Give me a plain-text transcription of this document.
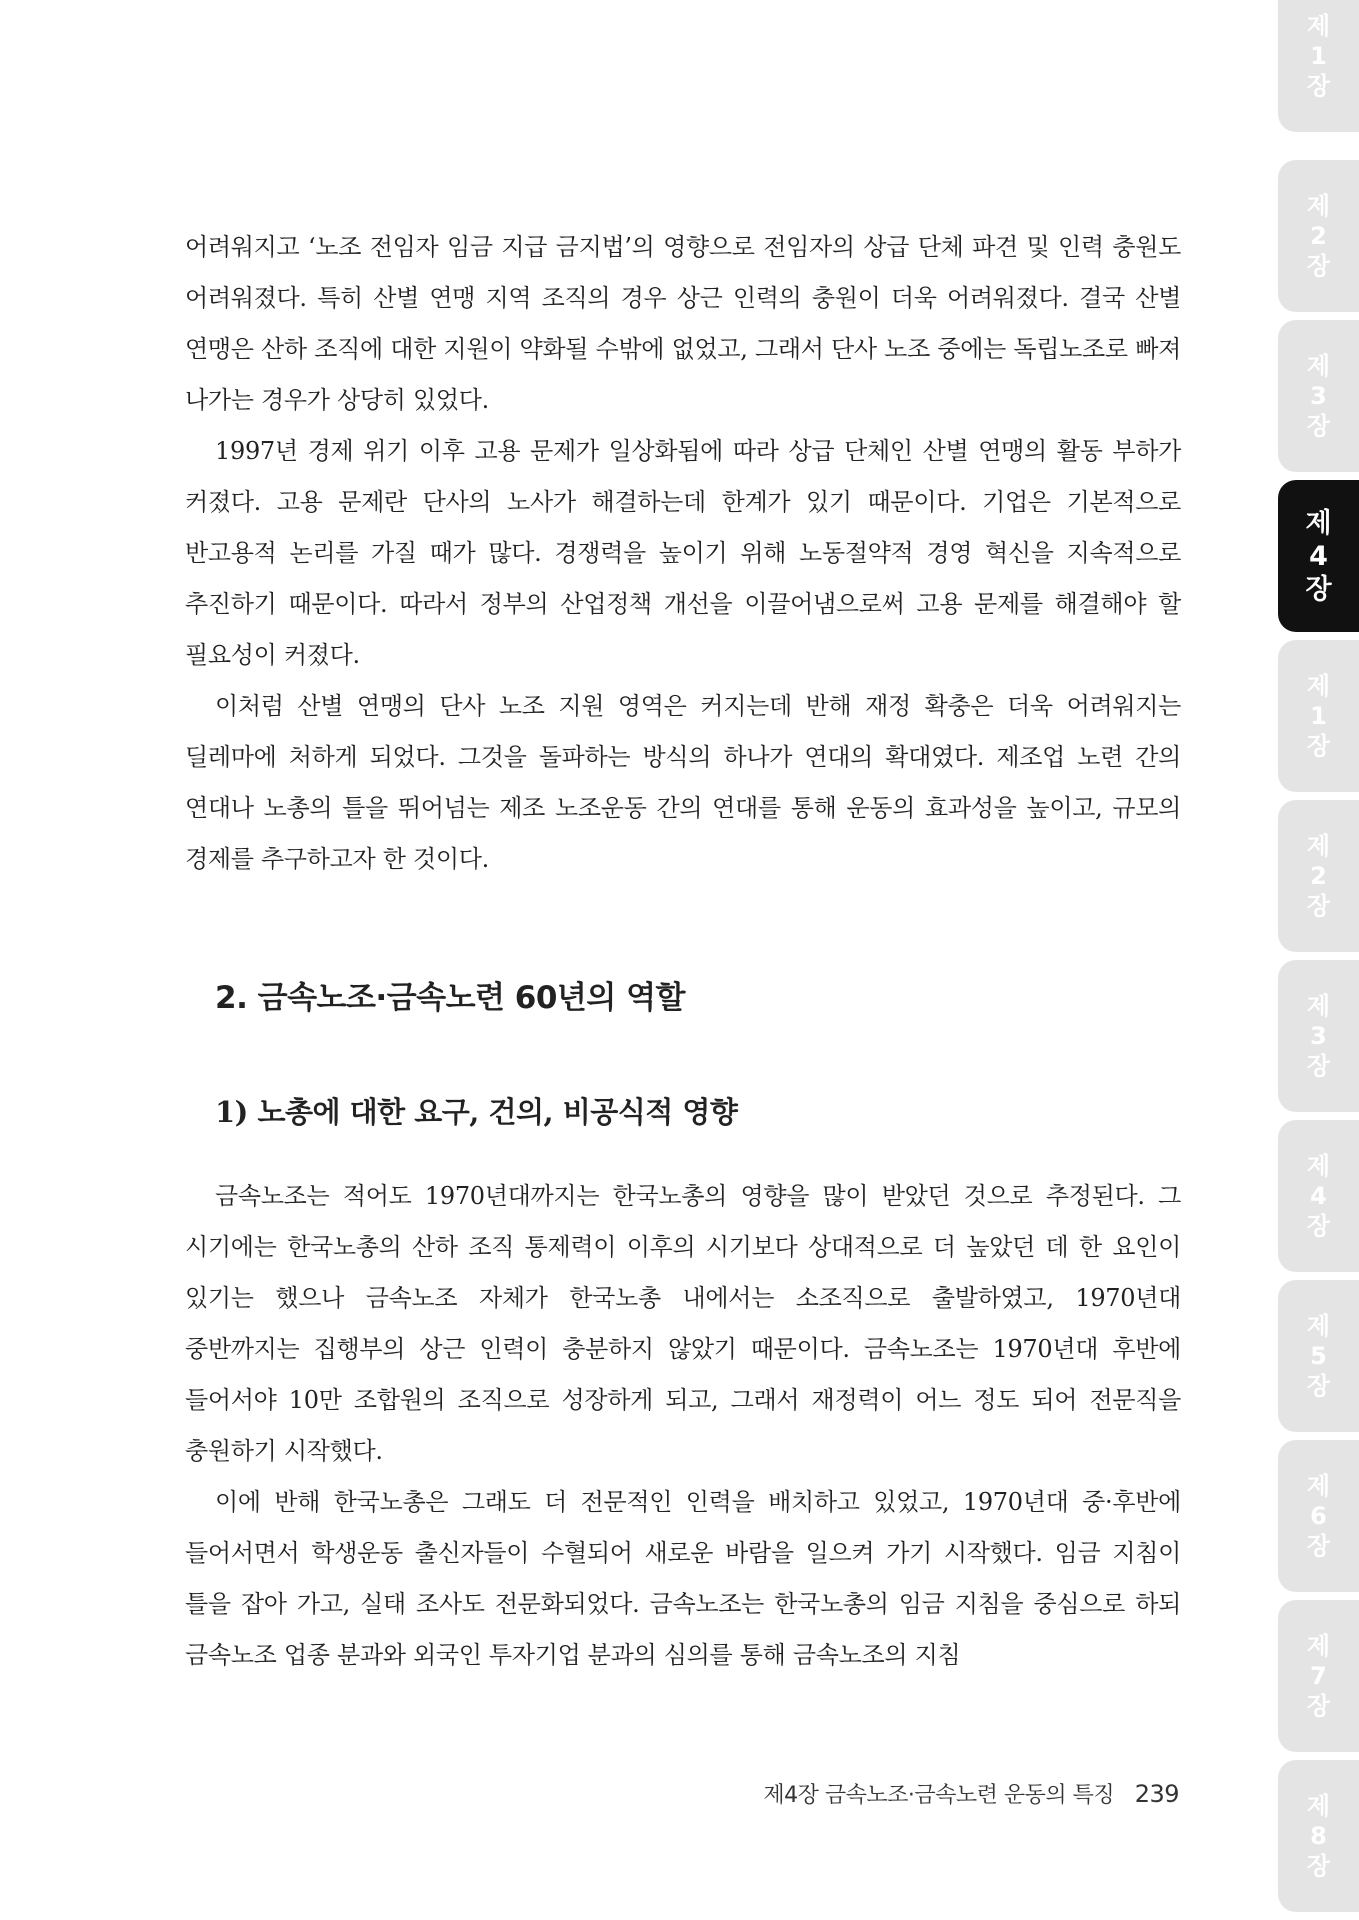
어려워지고 ‘노조 전임자 임금 지급 금지법’의 영향으로 전임자의 상급 단체 파견 및 인력 충원도 어려워졌다. 특히 산별 연맹 지역 조직의 경우 상근 인력의 충원이 더욱 어려워졌다. 결국 산별 연맹은 산하 조직에 대한 지원이 약화될 수밖에 없었고, 그래서 단사 노조 중에는 독립노조로 빠져 나가는 경우가 상당히 있었다.

1997년 경제 위기 이후 고용 문제가 일상화됨에 따라 상급 단체인 산별 연맹의 활동 부하가 커졌다. 고용 문제란 단사의 노사가 해결하는데 한계가 있기 때문이다. 기업은 기본적으로 반고용적 논리를 가질 때가 많다. 경쟁력을 높이기 위해 노동절약적 경영 혁신을 지속적으로 추진하기 때문이다. 따라서 정부의 산업정책 개선을 이끌어냄으로써 고용 문제를 해결해야 할 필요성이 커졌다.

이처럼 산별 연맹의 단사 노조 지원 영역은 커지는데 반해 재정 확충은 더욱 어려워지는 딜레마에 처하게 되었다. 그것을 돌파하는 방식의 하나가 연대의 확대였다. 제조업 노련 간의 연대나 노총의 틀을 뛰어넘는 제조 노조운동 간의 연대를 통해 운동의 효과성을 높이고, 규모의 경제를 추구하고자 한 것이다.

2. 금속노조·금속노련 60년의 역할
1) 노총에 대한 요구, 건의, 비공식적 영향

금속노조는 적어도 1970년대까지는 한국노총의 영향을 많이 받았던 것으로 추정된다. 그 시기에는 한국노총의 산하 조직 통제력이 이후의 시기보다 상대적으로 더 높았던 데 한 요인이 있기는 했으나 금속노조 자체가 한국노총 내에서는 소조직으로 출발하였고, 1970년대 중반까지는 집행부의 상근 인력이 충분하지 않았기 때문이다. 금속노조는 1970년대 후반에 들어서야 10만 조합원의 조직으로 성장하게 되고, 그래서 재정력이 어느 정도 되어 전문직을 충원하기 시작했다.

이에 반해 한국노총은 그래도 더 전문적인 인력을 배치하고 있었고, 1970년대 중·후반에 들어서면서 학생운동 출신자들이 수혈되어 새로운 바람을 일으켜 가기 시작했다. 임금 지침이 틀을 잡아 가고, 실태 조사도 전문화되었다. 금속노조는 한국노총의 임금 지침을 중심으로 하되 금속노조 업종 분과와 외국인 투자기업 분과의 심의를 통해 금속노조의 지침

제4장 금속노조·금속노련 운동의 특징 239
제
1
장
제
2
장
제
3
장
제
4
장
제
1
장
제
2
장
제
3
장
제
4
장
제
5
장
제
6
장
제
7
장
제
8
장
